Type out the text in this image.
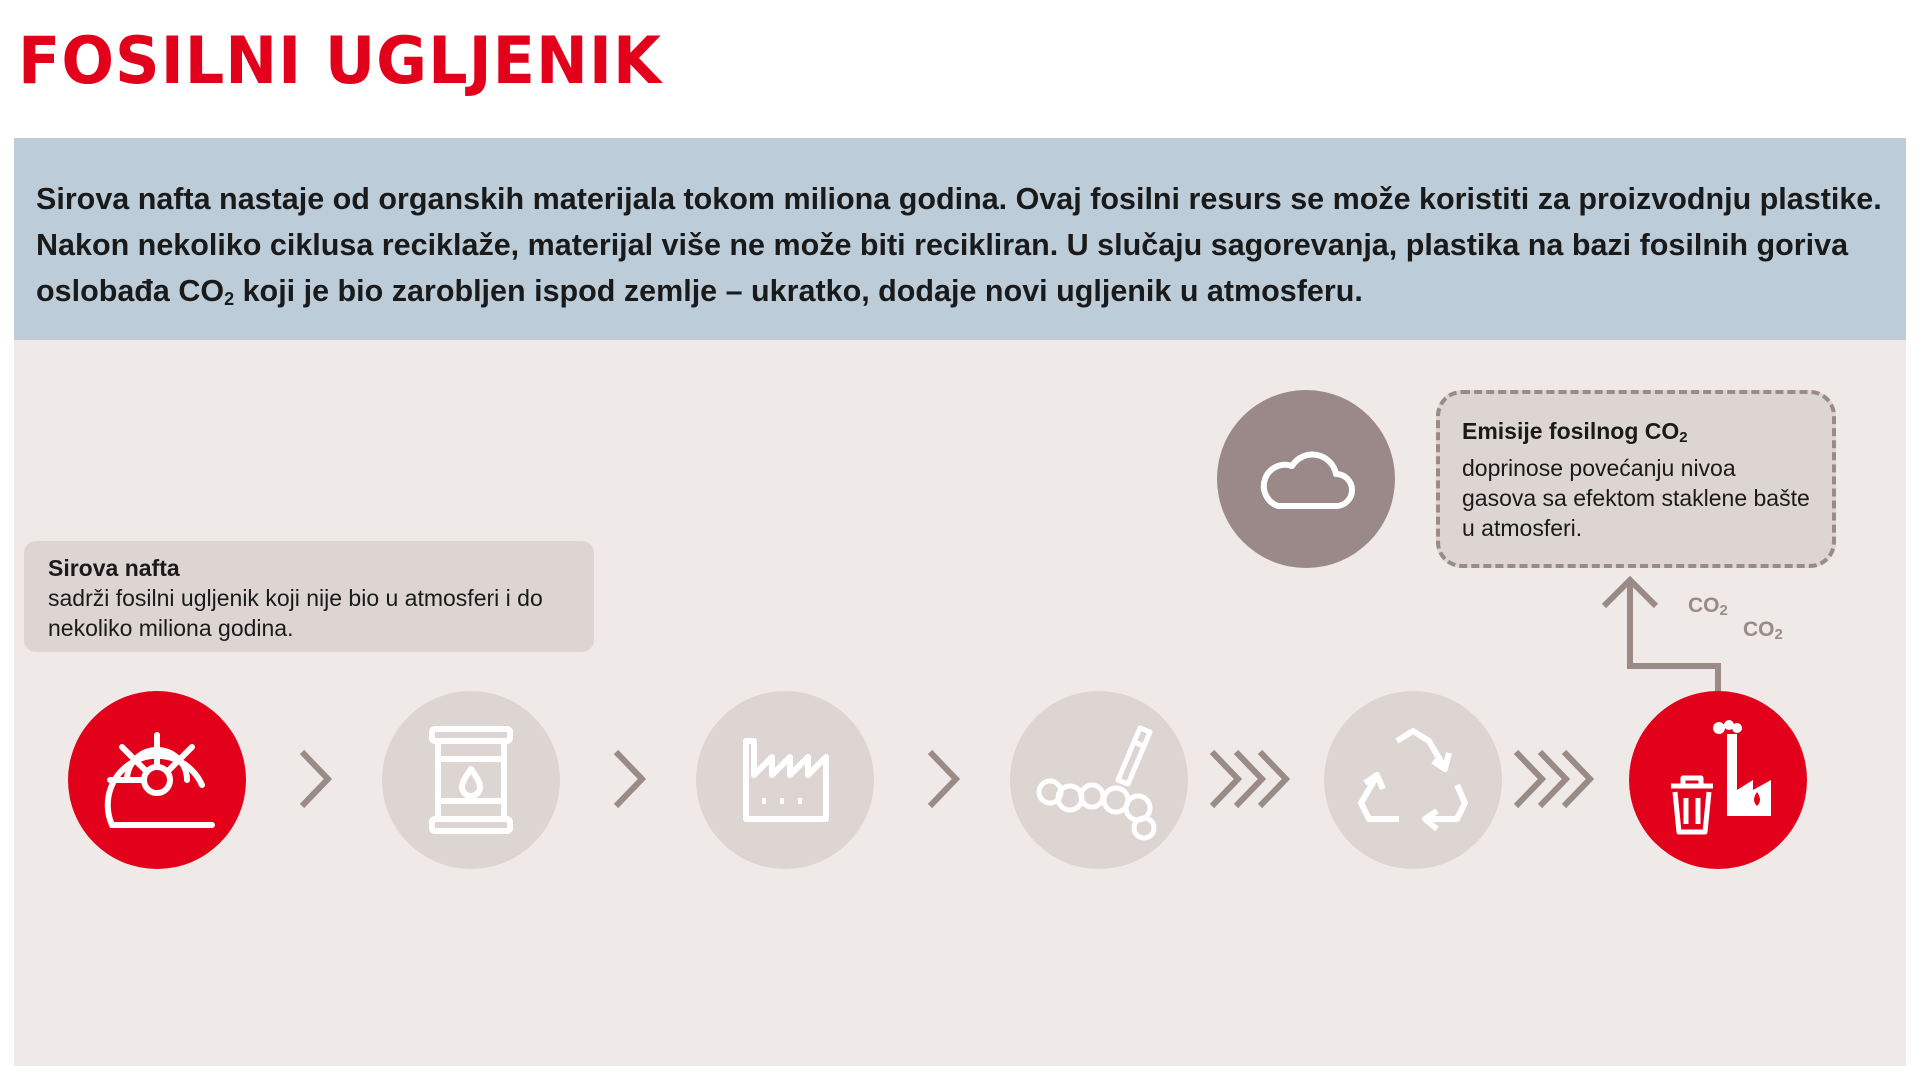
FOSILNI UGLJENIK

Sirova nafta nastaje od organskih materijala tokom miliona godina. Ovaj fosilni resurs se može koristiti za proizvodnju plastike. Nakon nekoliko ciklusa reciklaže, materijal više ne može biti recikliran. U slučaju sagorevanja, plastika na bazi fosilnih goriva oslobađa $CO_2$ koji je bio zarobljen ispod zemlje – ukratko, dodaje novi ugljenik u atmosferu.

Sirova nafta
sadrži fosilni ugljenik koji nije bio u atmosferi i do nekoliko miliona godina.
Emisije fosilnog $CO_2$
doprinose povećanju nivoa gasova sa efektom staklene bašte u atmosferi.
$CO_2$
$CO_2$
